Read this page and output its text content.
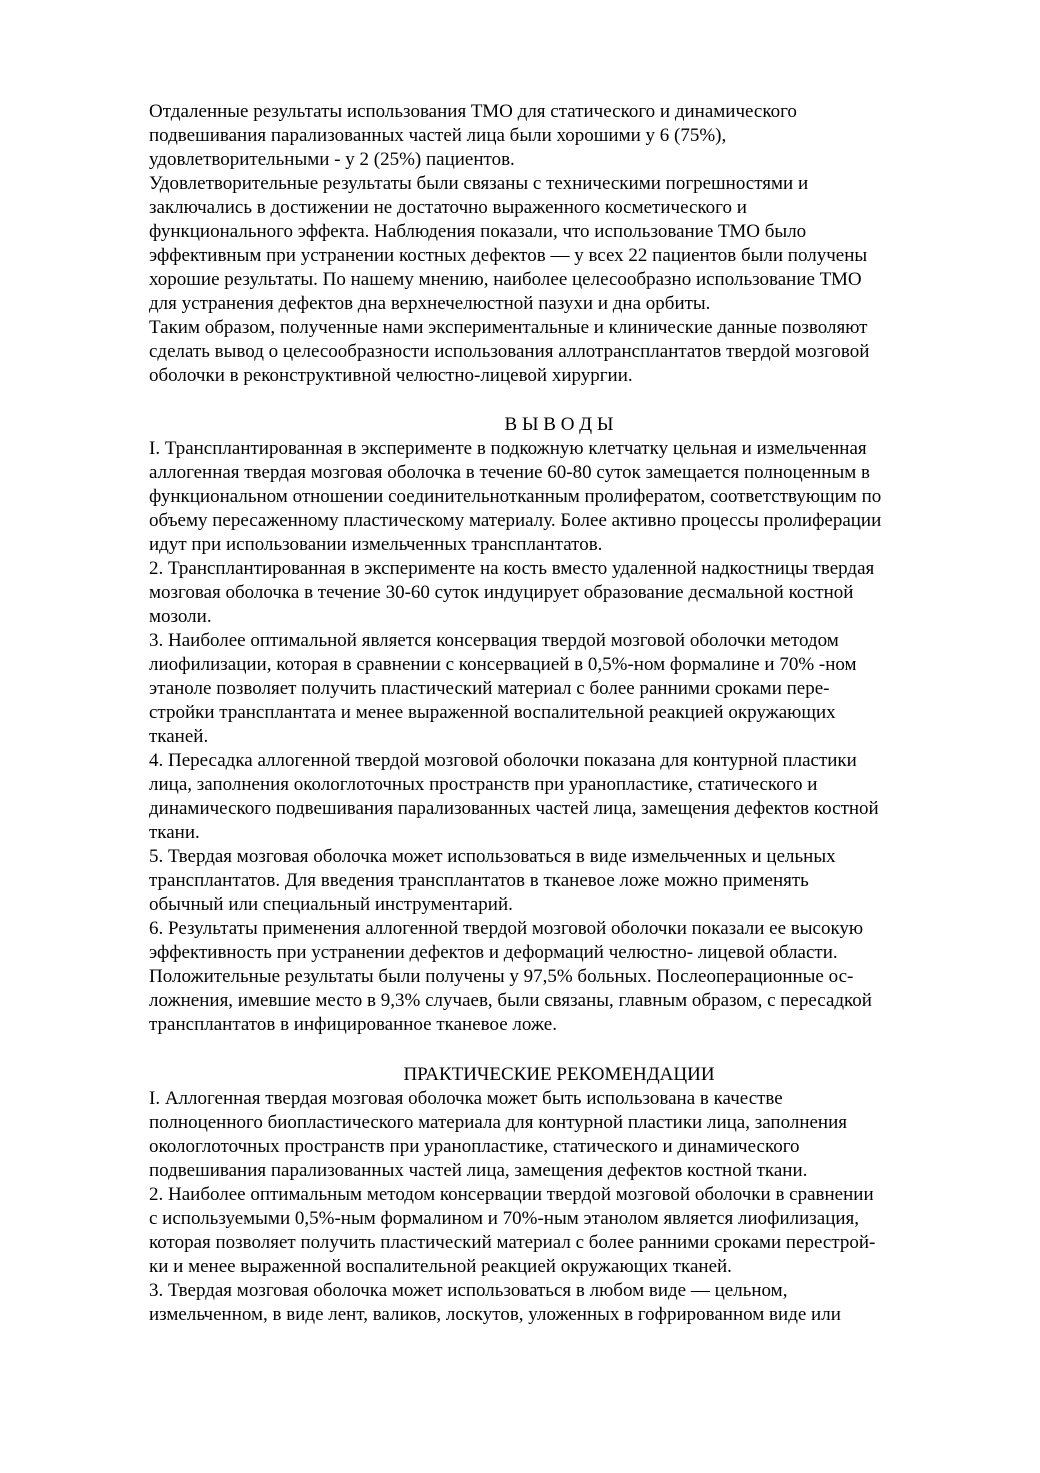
Отдаленные результаты использования ТМО для статического и динамического
подвешивания парализованных частей лица были хорошими у 6 (75%),
удовлетворительными - у 2 (25%) пациентов.
Удовлетворительные результаты были связаны с техническими погрешностями и
заключались в достижении не достаточно выраженного косметического и
функционального эффекта. Наблюдения показали, что использование ТМО было
эффективным при устранении костных дефектов — у всех 22 пациентов были получены
хорошие результаты. По нашему мнению, наиболее целесообразно использование ТМО
для устранения дефектов дна верхнечелюстной пазухи и дна орбиты.
Таким образом, полученные нами экспериментальные и клинические данные позволяют
сделать вывод о целесообразности использования аллотрансплантатов твердой мозговой
оболочки в реконструктивной челюстно-лицевой хирургии.
В Ы В О Д Ы
I. Трансплантированная в эксперименте в подкожную клетчатку цельная и измельченная
аллогенная твердая мозговая оболочка в течение 60-80 суток замещается полноценным в
функциональном отношении соединительнотканным пролифератом, соответствующим по
объему пересаженному пластическому материалу. Более активно процессы пролиферации
идут при использовании измельченных трансплантатов.
2. Трансплантированная в эксперименте на кость вместо удаленной надкостницы твердая
мозговая оболочка в течение 30-60 суток индуцирует образование десмальной костной
мозоли.
3. Наиболее оптимальной является консервация твердой мозговой оболочки методом
лиофилизации, которая в сравнении с консервацией в 0,5%-ном формалине и 70% -ном
этаноле позволяет получить пластический материал с более ранними сроками пере-
стройки трансплантата и менее выраженной воспалительной реакцией окружающих
тканей.
4. Пересадка аллогенной твердой мозговой оболочки показана для контурной пластики
лица, заполнения окологлоточных пространств при уранопластике, статического и
динамического подвешивания парализованных частей лица, замещения дефектов костной
ткани.
5. Твердая мозговая оболочка может использоваться в виде измельченных и цельных
трансплантатов. Для введения трансплантатов в тканевое ложе можно применять
обычный или специальный инструментарий.
6. Результаты применения аллогенной твердой мозговой оболочки показали ее высокую
эффективность при устранении дефектов и деформаций челюстно- лицевой области.
Положительные результаты были получены у 97,5% больных. Послеоперационные ос-
ложнения, имевшие место в 9,3% случаев, были связаны, главным образом, с пересадкой
трансплантатов в инфицированное тканевое ложе.
ПРАКТИЧЕСКИЕ РЕКОМЕНДАЦИИ
I. Аллогенная твердая мозговая оболочка может быть использована в качестве
полноценного биопластического материала для контурной пластики лица, заполнения
окологлоточных пространств при уранопластике, статического и динамического
подвешивания парализованных частей лица, замещения дефектов костной ткани.
2. Наиболее оптимальным методом консервации твердой мозговой оболочки в сравнении
с используемыми 0,5%-ным формалином и 70%-ным этанолом является лиофилизация,
которая позволяет получить пластический материал с более ранними сроками перестрой-
ки и менее выраженной воспалительной реакцией окружающих тканей.
3. Твердая мозговая оболочка может использоваться в любом виде — цельном,
измельченном, в виде лент, валиков, лоскутов, уложенных в гофрированном виде или
